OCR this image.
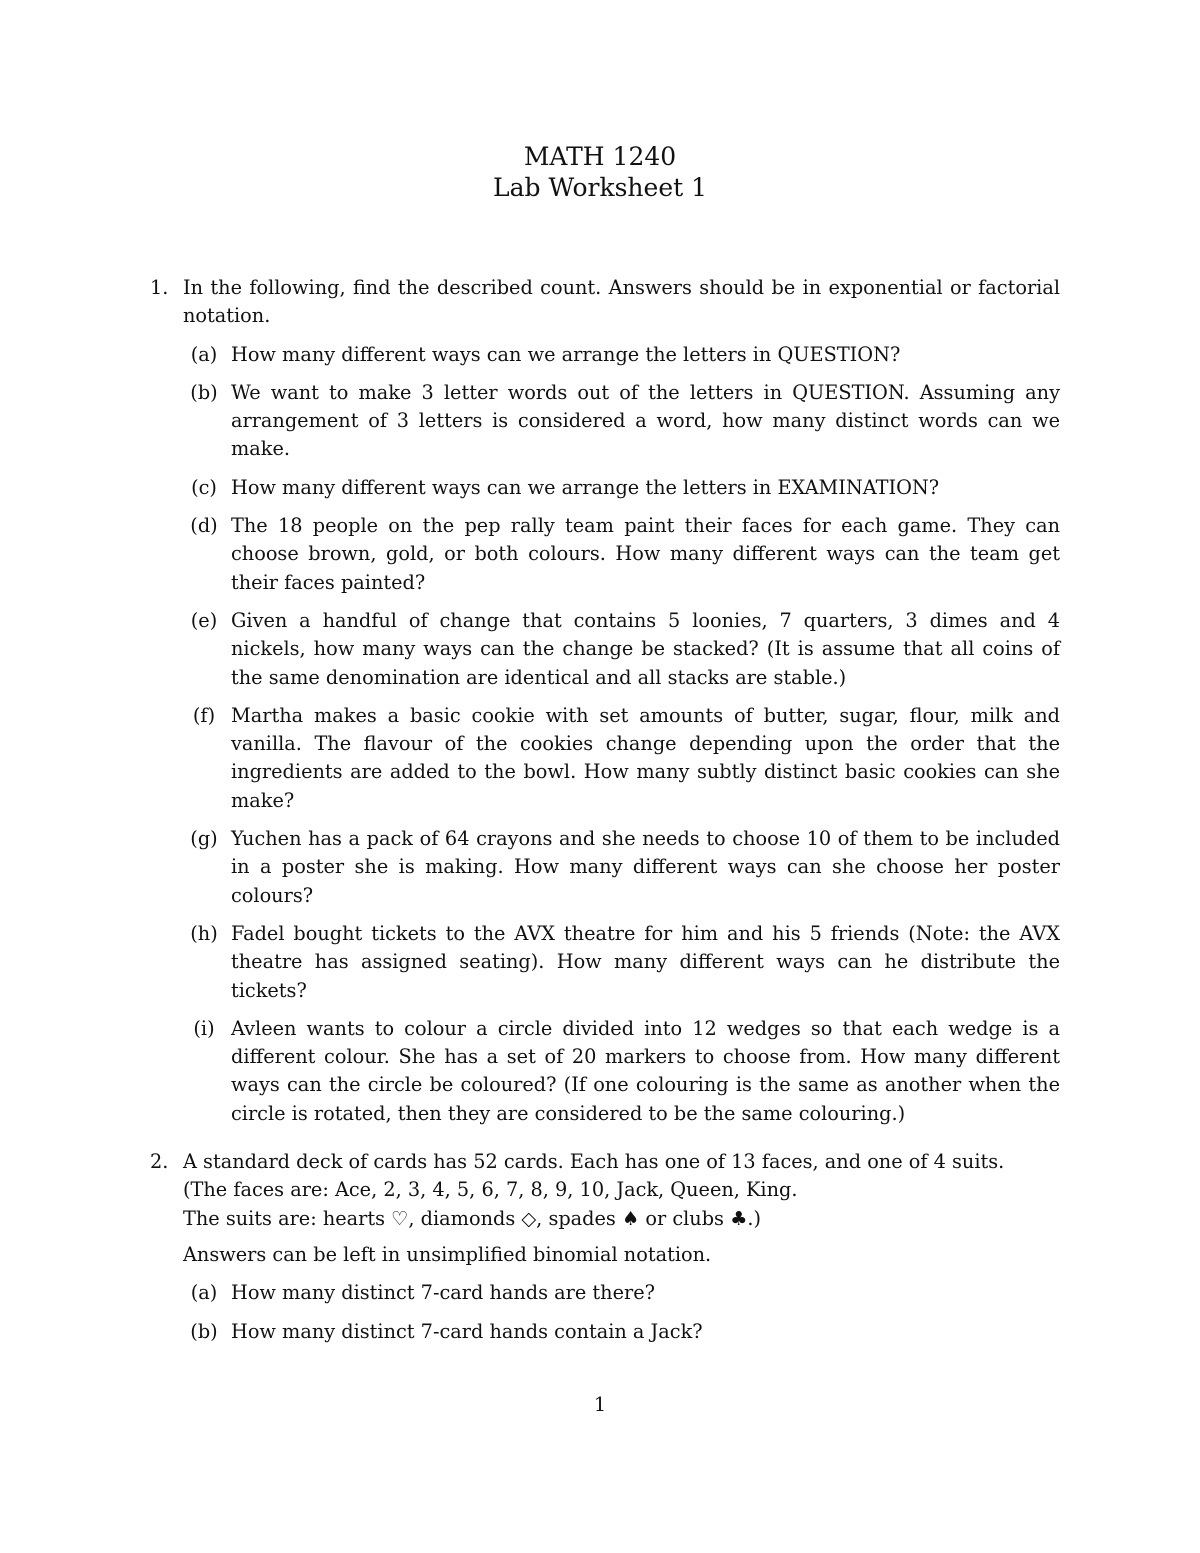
MATH 1240
Lab Worksheet 1
1. In the following, find the described count. Answers should be in exponential or factorial notation.
(a) How many different ways can we arrange the letters in QUESTION?
(b) We want to make 3 letter words out of the letters in QUESTION. Assuming any arrangement of 3 letters is considered a word, how many distinct words can we make.
(c) How many different ways can we arrange the letters in EXAMINATION?
(d) The 18 people on the pep rally team paint their faces for each game. They can choose brown, gold, or both colours. How many different ways can the team get their faces painted?
(e) Given a handful of change that contains 5 loonies, 7 quarters, 3 dimes and 4 nickels, how many ways can the change be stacked? (It is assume that all coins of the same denomination are identical and all stacks are stable.)
(f) Martha makes a basic cookie with set amounts of butter, sugar, flour, milk and vanilla. The flavour of the cookies change depending upon the order that the ingredients are added to the bowl. How many subtly distinct basic cookies can she make?
(g) Yuchen has a pack of 64 crayons and she needs to choose 10 of them to be included in a poster she is making. How many different ways can she choose her poster colours?
(h) Fadel bought tickets to the AVX theatre for him and his 5 friends (Note: the AVX theatre has assigned seating). How many different ways can he distribute the tickets?
(i) Avleen wants to colour a circle divided into 12 wedges so that each wedge is a different colour. She has a set of 20 markers to choose from. How many different ways can the circle be coloured? (If one colouring is the same as another when the circle is rotated, then they are considered to be the same colouring.)
2. A standard deck of cards has 52 cards. Each has one of 13 faces, and one of 4 suits.
(The faces are: Ace, 2, 3, 4, 5, 6, 7, 8, 9, 10, Jack, Queen, King.
The suits are: hearts ♡, diamonds ◇, spades ♠ or clubs ♣.)
Answers can be left in unsimplified binomial notation.
(a) How many distinct 7-card hands are there?
(b) How many distinct 7-card hands contain a Jack?
1
